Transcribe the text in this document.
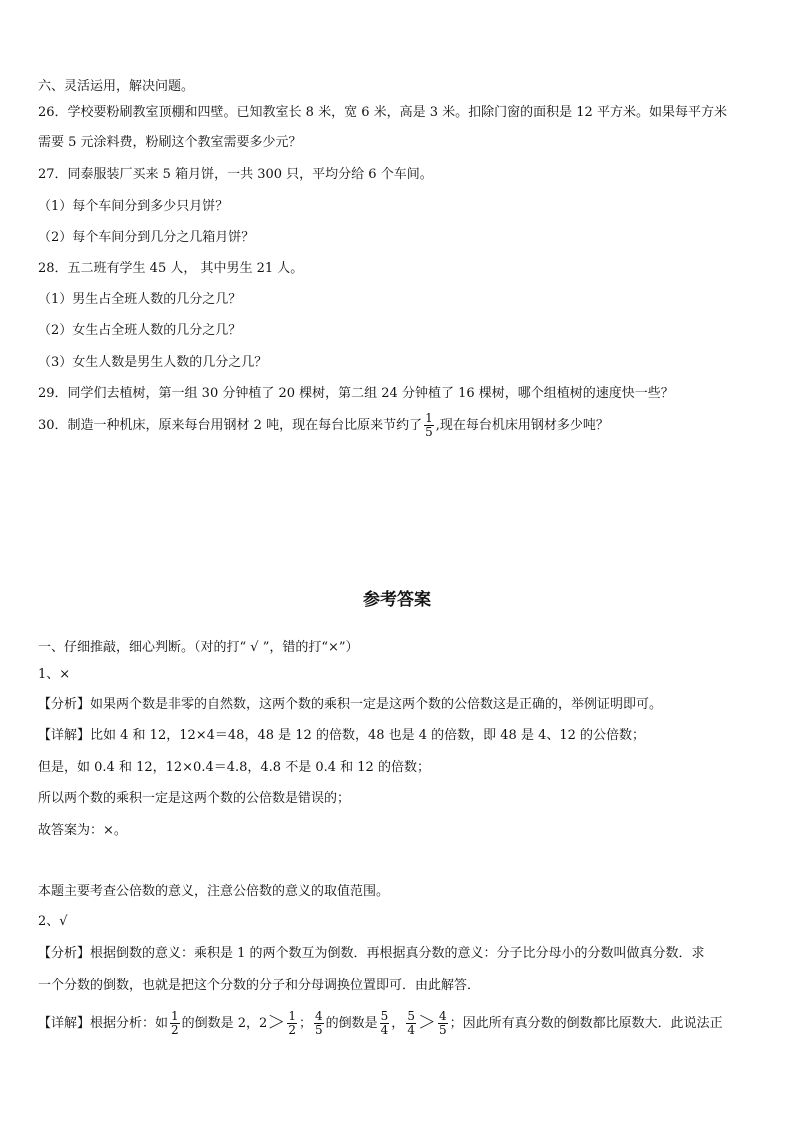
六、灵活运用，解决问题。
26．学校要粉刷教室顶棚和四壁。已知教室长 8 米，宽 6 米，高是 3 米。扣除门窗的面积是 12 平方米。如果每平方米
需要 5 元涂料费，粉刷这个教室需要多少元？
27．同泰服装厂买来 5 箱月饼，一共 300 只，平均分给 6 个车间。
（1）每个车间分到多少只月饼？
（2）每个车间分到几分之几箱月饼？
28．五二班有学生 45 人， 其中男生 21 人。
（1）男生占全班人数的几分之几？
（2）女生占全班人数的几分之几？
（3）女生人数是男生人数的几分之几？
29．同学们去植树，第一组 30 分钟植了 20 棵树，第二组 24 分钟植了 16 棵树，哪个组植树的速度快一些？
30．制造一种机床，原来每台用钢材 2 吨，现在每台比原来节约了 $\frac{1}{5}$ ,现在每台机床用钢材多少吨？
参考答案
一、仔细推敲，细心判断。（对的打“ √ ”，错的打“×”）
1、×
【分析】如果两个数是非零的自然数，这两个数的乘积一定是这两个数的公倍数这是正确的，举例证明即可。
【详解】比如 4 和 12，12×4＝48，48 是 12 的倍数，48 也是 4 的倍数，即 48 是 4、12 的公倍数；
但是，如 0.4 和 12，12×0.4＝4.8，4.8 不是 0.4 和 12 的倍数；
所以两个数的乘积一定是这两个数的公倍数是错误的；
故答案为：×。
本题主要考查公倍数的意义，注意公倍数的意义的取值范围。
2、√
【分析】根据倒数的意义：乘积是 1 的两个数互为倒数．再根据真分数的意义：分子比分母小的分数叫做真分数．求
一个分数的倒数，也就是把这个分数的分子和分母调换位置即可．由此解答．
【详解】根据分析：如 $\frac{1}{2}$ 的倒数是 2，$2> \frac{1}{2}$ ； $\frac{4}{5}$ 的倒数是 $\frac{5}{4}$ ， $\frac{5}{4} > \frac{4}{5}$ ；因此所有真分数的倒数都比原数大．此说法正
